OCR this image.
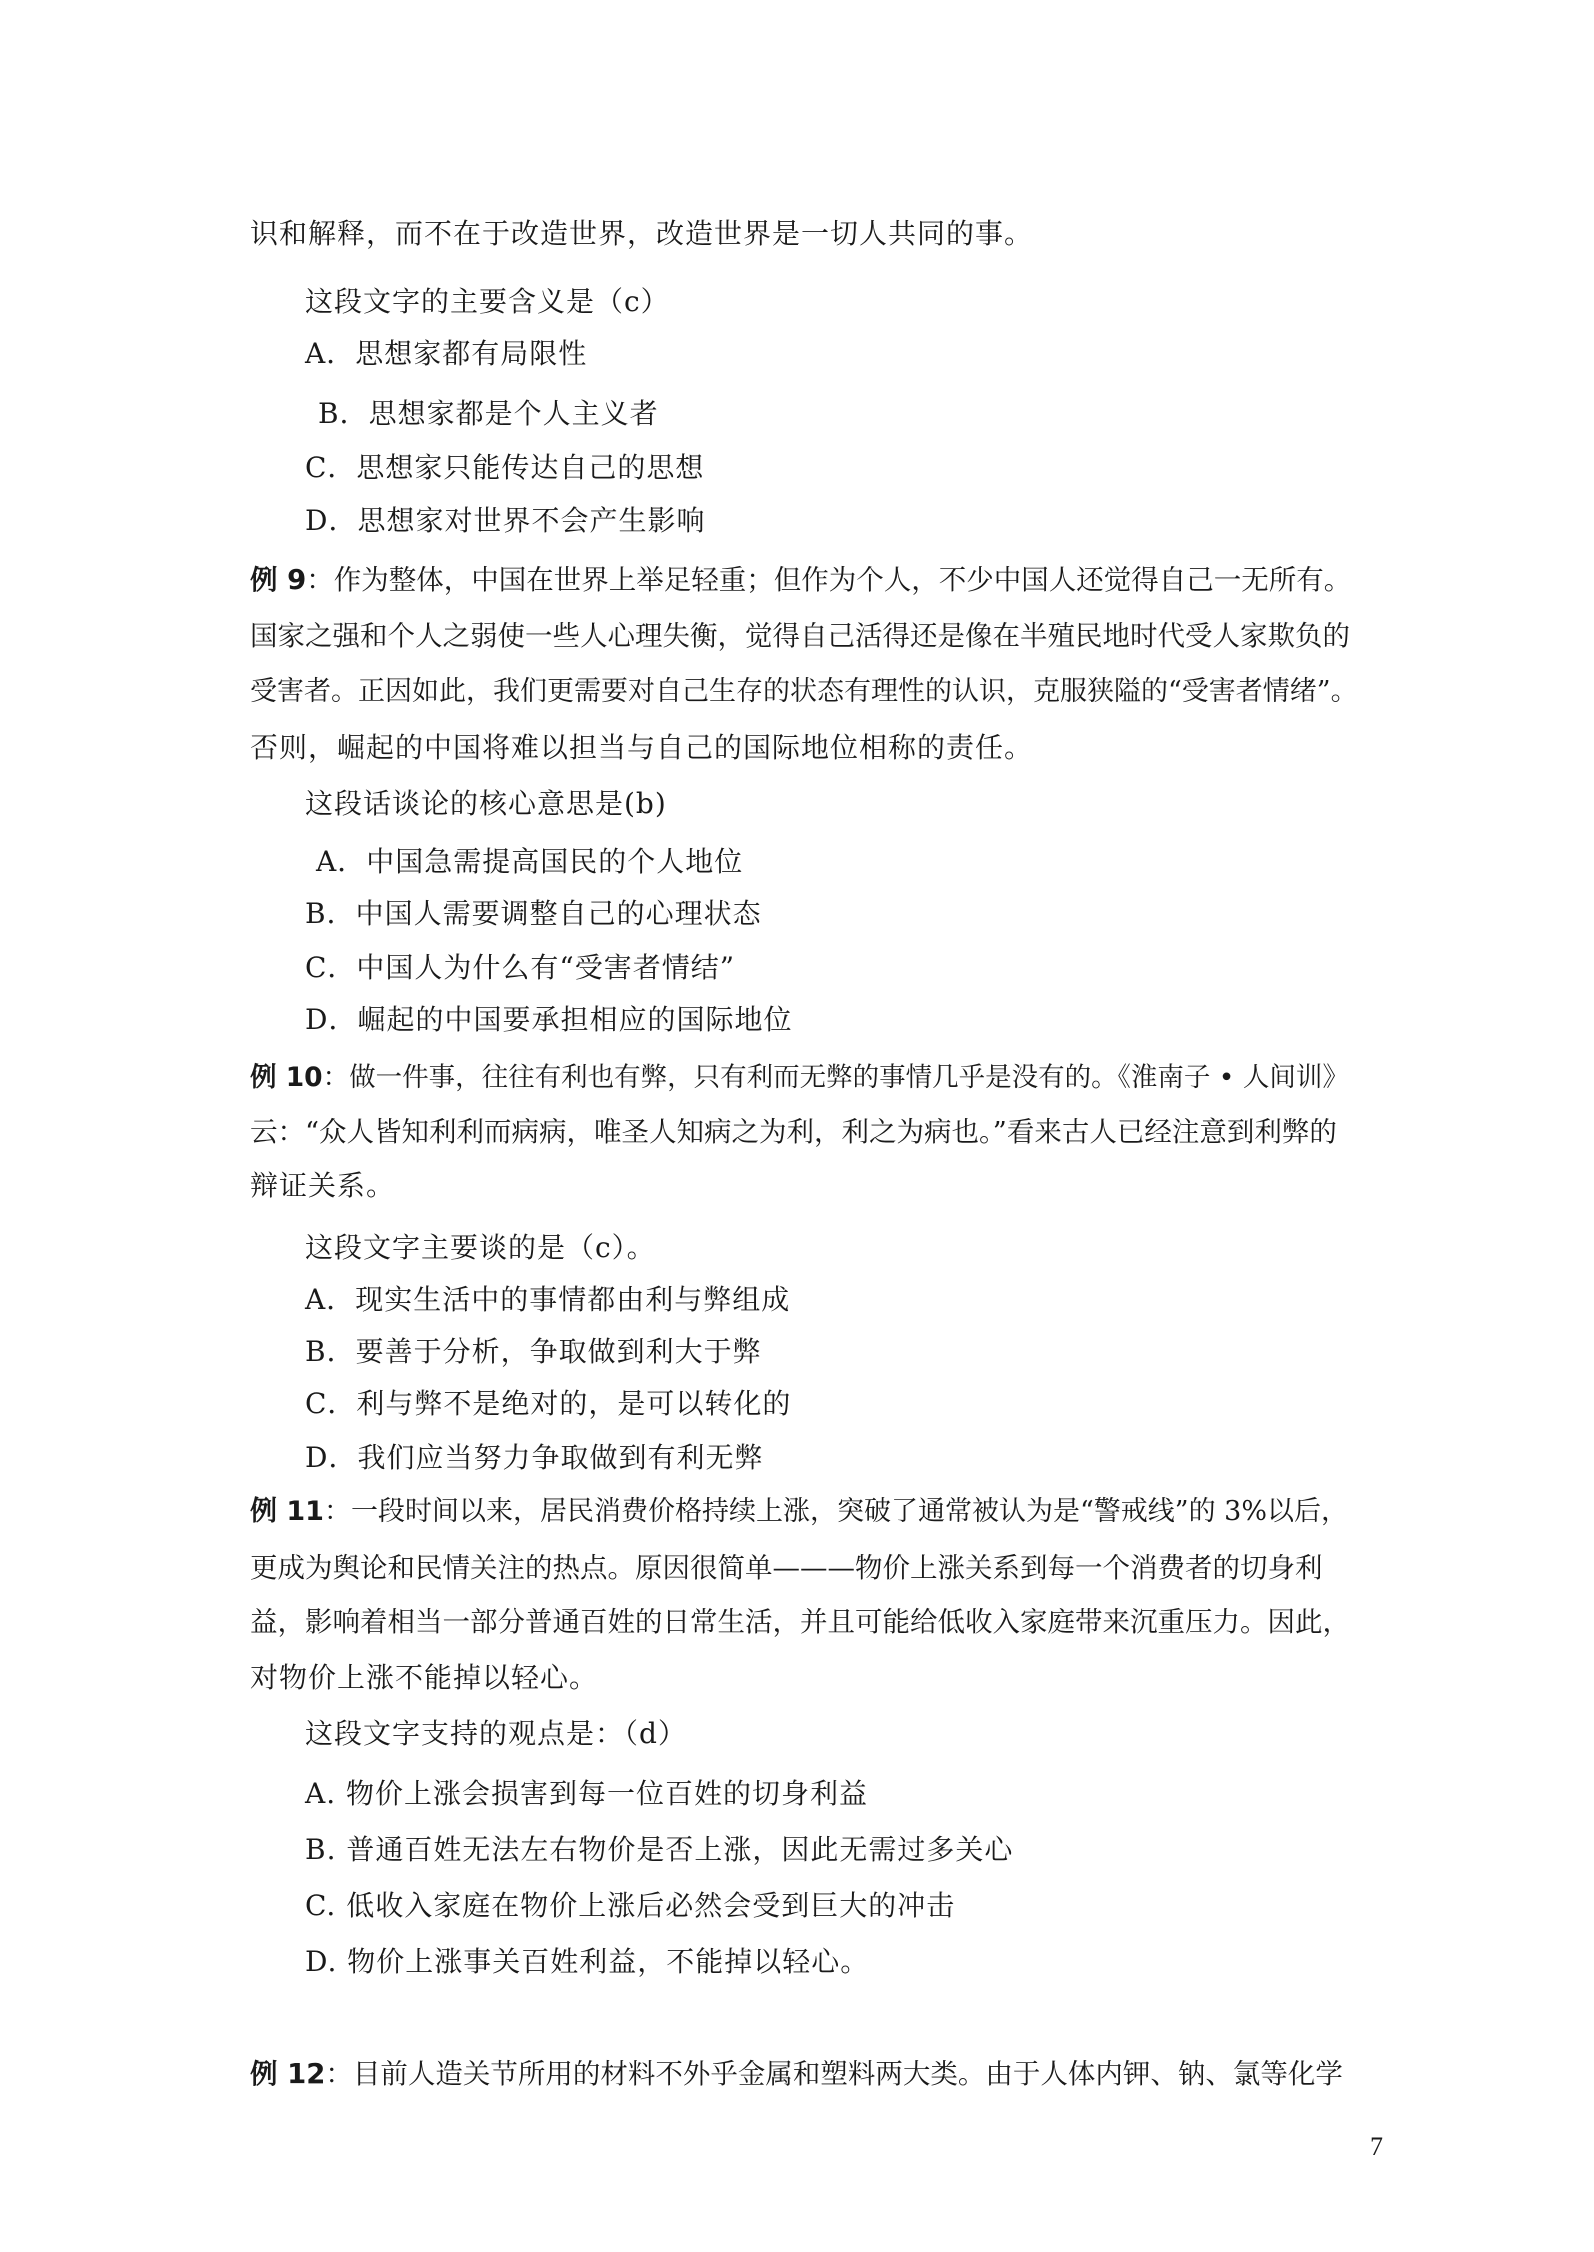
识和解释，而不在于改造世界，改造世界是一切人共同的事。
这段文字的主要含义是（c）
A．思想家都有局限性
B．思想家都是个人主义者
C．思想家只能传达自己的思想
D．思想家对世界不会产生影响
例 9：作为整体，中国在世界上举足轻重；但作为个人，不少中国人还觉得自己一无所有。
国家之强和个人之弱使一些人心理失衡，觉得自己活得还是像在半殖民地时代受人家欺负的
受害者。正因如此，我们更需要对自己生存的状态有理性的认识，克服狭隘的“受害者情绪”。
否则，崛起的中国将难以担当与自己的国际地位相称的责任。
这段话谈论的核心意思是(b)
A．中国急需提高国民的个人地位
B．中国人需要调整自己的心理状态
C．中国人为什么有“受害者情结”
D．崛起的中国要承担相应的国际地位
例 10：做一件事，往往有利也有弊，只有利而无弊的事情几乎是没有的。《淮南子 • 人间训》
云：“众人皆知利利而病病，唯圣人知病之为利，利之为病也。”看来古人已经注意到利弊的
辩证关系。
这段文字主要谈的是（c）。
A．现实生活中的事情都由利与弊组成
B．要善于分析，争取做到利大于弊
C．利与弊不是绝对的，是可以转化的
D．我们应当努力争取做到有利无弊
例 11：一段时间以来，居民消费价格持续上涨，突破了通常被认为是“警戒线”的 3%以后，
更成为舆论和民情关注的热点。原因很简单———物价上涨关系到每一个消费者的切身利
益，影响着相当一部分普通百姓的日常生活，并且可能给低收入家庭带来沉重压力。因此，
对物价上涨不能掉以轻心。
这段文字支持的观点是：（d）
A. 物价上涨会损害到每一位百姓的切身利益
B. 普通百姓无法左右物价是否上涨，因此无需过多关心
C. 低收入家庭在物价上涨后必然会受到巨大的冲击
D. 物价上涨事关百姓利益，不能掉以轻心。
例 12：目前人造关节所用的材料不外乎金属和塑料两大类。由于人体内钾、钠、氯等化学
7
